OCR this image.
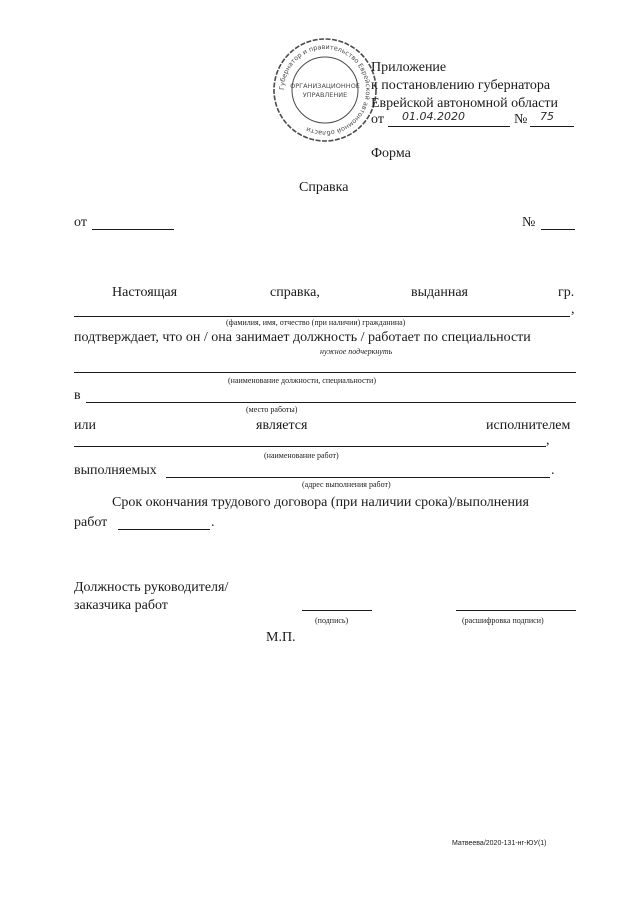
Губернатор и правительство Еврейской автономной области
ОРГАНИЗАЦИОННОЕ
УПРАВЛЕНИЕ
Приложение
к постановлению губернатора
Еврейской автономной области
от 01.04.2020	№ 75
Форма
Справка
от	№
Настоящая	справка,	выданная	гр.
,
(фамилия, имя, отчество (при наличии) гражданина)
подтверждает, что он / она занимает должность / работает по специальности
нужное подчеркнуть
(наименование должности, специальности)
в
(место работы)
или	является	исполнителем
,
(наименование работ)
выполняемых	.
(адрес выполнения работ)
Срок окончания трудового договора (при наличии срока)/выполнения
работ	.
Должность руководителя/
заказчика работ
(подпись)	(расшифровка подписи)
М.П.
Матвеева/2020-131-нг-ЮУ(1)
